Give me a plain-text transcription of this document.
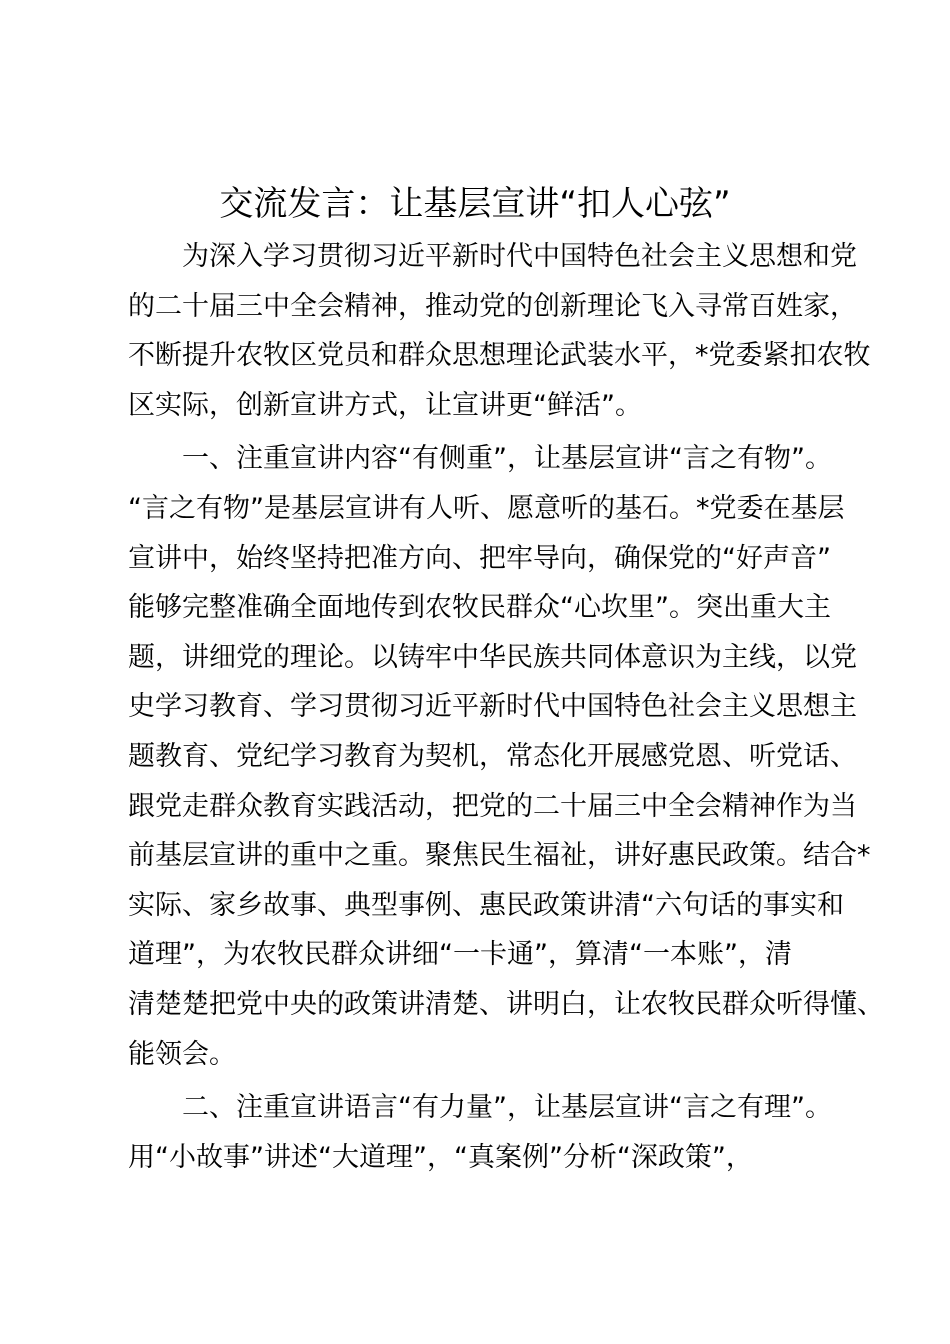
交流发言：让基层宣讲“扣人心弦”
为深入学习贯彻习近平新时代中国特色社会主义思想和党
的二十届三中全会精神，推动党的创新理论飞入寻常百姓家，
不断提升农牧区党员和群众思想理论武装水平，*党委紧扣农牧
区实际，创新宣讲方式，让宣讲更“鲜活”。
一、注重宣讲内容“有侧重”，让基层宣讲“言之有物”。
“言之有物”是基层宣讲有人听、愿意听的基石。*党委在基层
宣讲中，始终坚持把准方向、把牢导向，确保党的“好声音”
能够完整准确全面地传到农牧民群众“心坎里”。突出重大主
题，讲细党的理论。以铸牢中华民族共同体意识为主线，以党
史学习教育、学习贯彻习近平新时代中国特色社会主义思想主
题教育、党纪学习教育为契机，常态化开展感党恩、听党话、
跟党走群众教育实践活动，把党的二十届三中全会精神作为当
前基层宣讲的重中之重。聚焦民生福祉，讲好惠民政策。结合*
实际、家乡故事、典型事例、惠民政策讲清“六句话的事实和
道理”，为农牧民群众讲细“一卡通”，算清“一本账”，清
清楚楚把党中央的政策讲清楚、讲明白，让农牧民群众听得懂、
能领会。
二、注重宣讲语言“有力量”，让基层宣讲“言之有理”。
用“小故事”讲述“大道理”，“真案例”分析“深政策”，
